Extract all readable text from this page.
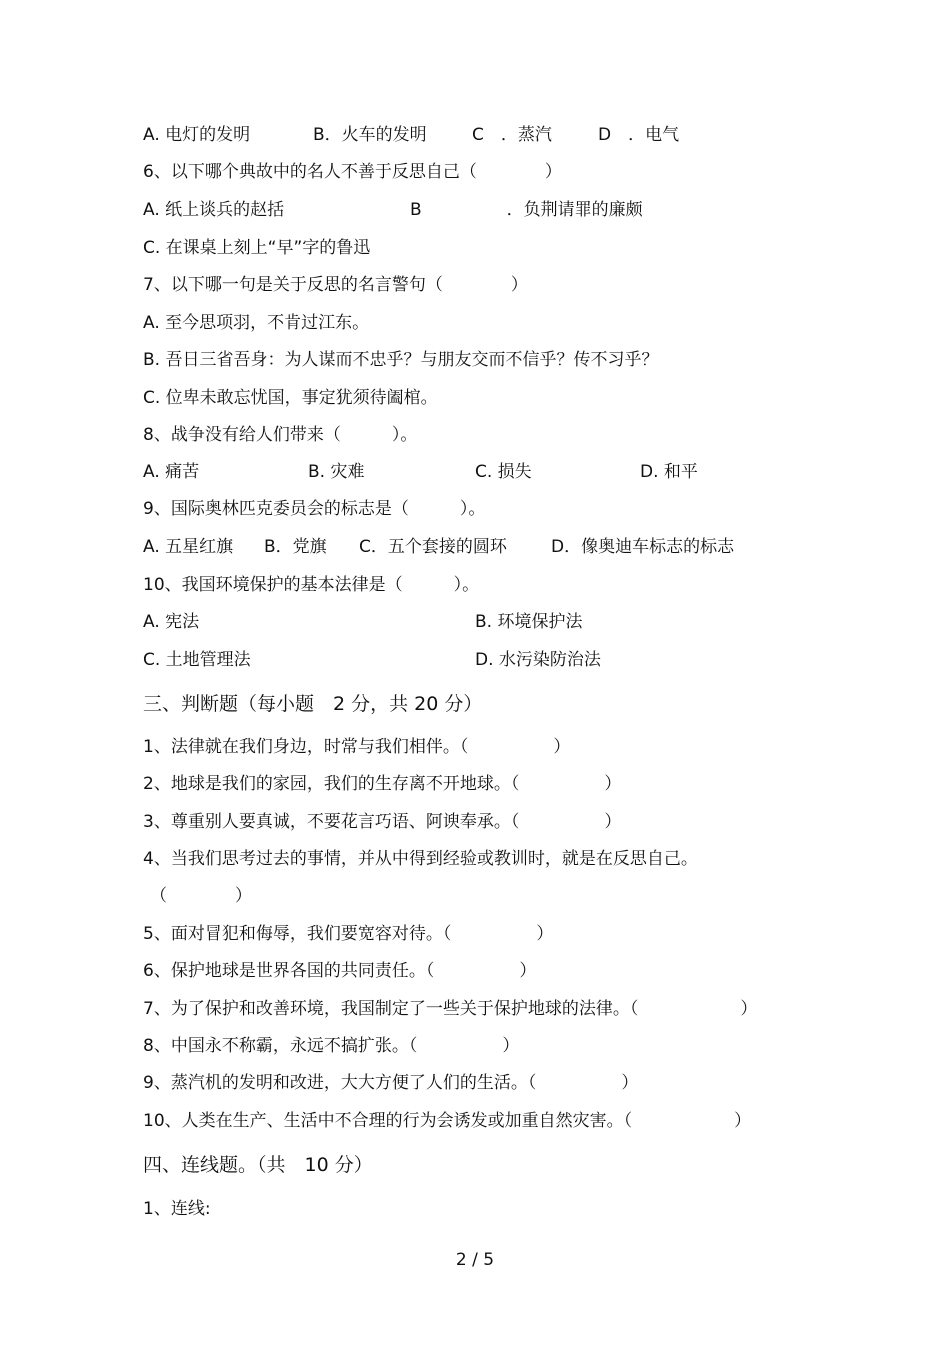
A. 电灯的发明	B．火车的发明	C　．蒸汽	D　．电气
6、以下哪个典故中的名人不善于反思自己（　　　　）
A. 纸上谈兵的赵括	B　　　　　．负荆请罪的廉颇
C. 在课桌上刻上“早”字的鲁迅
7、以下哪一句是关于反思的名言警句（　　　　）
A. 至今思项羽，不肯过江东。
B. 吾日三省吾身：为人谋而不忠乎？与朋友交而不信乎？传不习乎？
C. 位卑未敢忘忧国，事定犹须待阖棺。
8、战争没有给人们带来（　　　）。
A. 痛苦	B. 灾难	C. 损失	D. 和平
9、国际奥林匹克委员会的标志是（　　　）。
A. 五星红旗 B．党旗 C．五个套接的圆环	D．像奥迪车标志的标志
10、我国环境保护的基本法律是（　　　）。
A. 宪法	B. 环境保护法
C. 土地管理法	D. 水污染防治法
三、判断题（每小题　2 分，共 20 分）
1、法律就在我们身边，时常与我们相伴。（　　　　　）
2、地球是我们的家园，我们的生存离不开地球。（　　　　　）
3、尊重别人要真诚，不要花言巧语、阿谀奉承。（　　　　　）
4、当我们思考过去的事情，并从中得到经验或教训时，就是在反思自己。
（　　　　）
5、面对冒犯和侮辱，我们要宽容对待。（　　　　　）
6、保护地球是世界各国的共同责任。（　　　　　）
7、为了保护和改善环境，我国制定了一些关于保护地球的法律。（　　　　　　）
8、中国永不称霸，永远不搞扩张。（　　　　　）
9、蒸汽机的发明和改进，大大方便了人们的生活。（　　　　　）
10、人类在生产、生活中不合理的行为会诱发或加重自然灾害。（　　　　　　）
四、连线题。（共　10 分）
1、连线:
2 / 5
